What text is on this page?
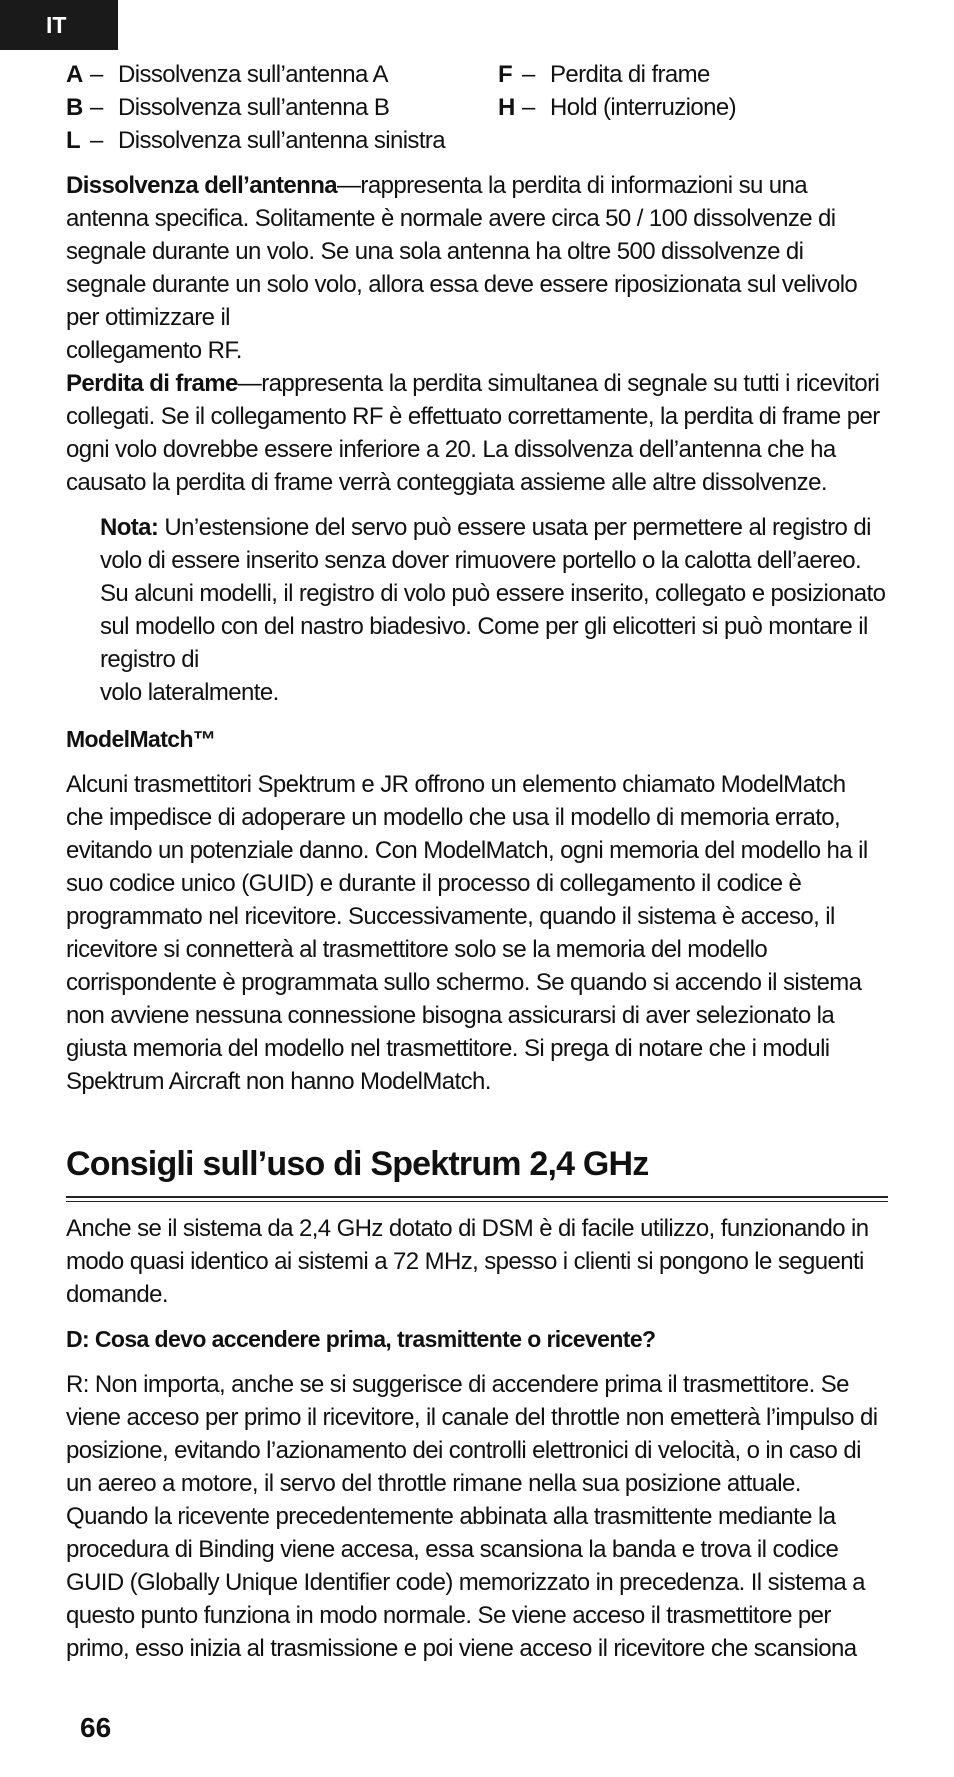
IT
A – Dissolvenza sull’antenna A	F – Perdita di frame
B – Dissolvenza sull’antenna B	H – Hold (interruzione)
L – Dissolvenza sull’antenna sinistra

Dissolvenza dell’antenna—rappresenta la perdita di informazioni su una antenna specifica. Solitamente è normale avere circa 50 / 100 dissolvenze di segnale durante un volo. Se una sola antenna ha oltre 500 dissolvenze di segnale durante un solo volo, allora essa deve essere riposizionata sul velivolo per ottimizzare il
collegamento RF.

Perdita di frame—rappresenta la perdita simultanea di segnale su tutti i ricevitori collegati. Se il collegamento RF è effettuato correttamente, la perdita di frame per ogni volo dovrebbe essere inferiore a 20. La dissolvenza dell’antenna che ha causato la perdita di frame verrà conteggiata assieme alle altre dissolvenze.

Nota: Un’estensione del servo può essere usata per permettere al registro di volo di essere inserito senza dover rimuovere portello o la calotta dell’aereo. Su alcuni modelli, il registro di volo può essere inserito, collegato e posizionato sul modello con del nastro biadesivo. Come per gli elicotteri si può montare il registro di
volo lateralmente.

ModelMatch™

Alcuni trasmettitori Spektrum e JR offrono un elemento chiamato ModelMatch che impedisce di adoperare un modello che usa il modello di memoria errato, evitando un potenziale danno. Con ModelMatch, ogni memoria del modello ha il suo codice unico (GUID) e durante il processo di collegamento il codice è programmato nel ricevitore. Successivamente, quando il sistema è acceso, il ricevitore si connetterà al trasmettitore solo se la memoria del modello corrispondente è programmata sullo schermo. Se quando si accendo il sistema non avviene nessuna connessione bisogna assicurarsi di aver selezionato la giusta memoria del modello nel trasmettitore. Si prega di notare che i moduli Spektrum Aircraft non hanno ModelMatch.

Consigli sull’uso di Spektrum 2,4 GHz

Anche se il sistema da 2,4 GHz dotato di DSM è di facile utilizzo, funzionando in modo quasi identico ai sistemi a 72 MHz, spesso i clienti si pongono le seguenti domande.

D: Cosa devo accendere prima, trasmittente o ricevente?

R: Non importa, anche se si suggerisce di accendere prima il trasmettitore. Se viene acceso per primo il ricevitore, il canale del throttle non emetterà l’impulso di posizione, evitando l’azionamento dei controlli elettronici di velocità, o in caso di un aereo a motore, il servo del throttle rimane nella sua posizione attuale. Quando la ricevente precedentemente abbinata alla trasmittente mediante la procedura di Binding viene accesa, essa scansiona la banda e trova il codice GUID (Globally Unique Identifier code) memorizzato in precedenza. Il sistema a questo punto funziona in modo normale. Se viene acceso il trasmettitore per primo, esso inizia al trasmissione e poi viene acceso il ricevitore che scansiona

66
